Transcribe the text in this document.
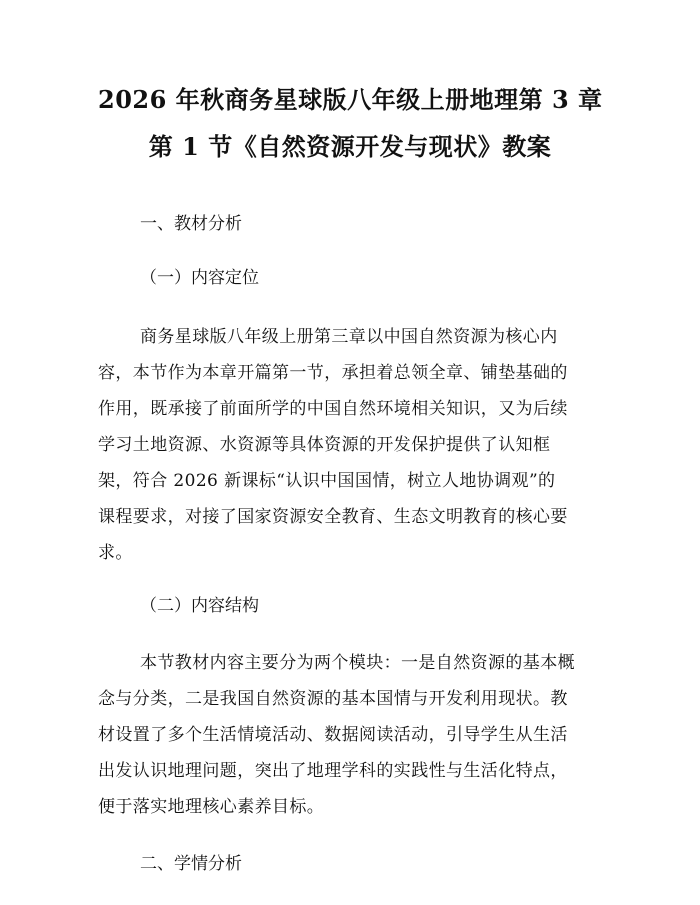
2026 年秋商务星球版八年级上册地理第 3 章
第 1 节《自然资源开发与现状》教案

一、教材分析

（一）内容定位

商务星球版八年级上册第三章以中国自然资源为核心内
容，本节作为本章开篇第一节，承担着总领全章、铺垫基础的
作用，既承接了前面所学的中国自然环境相关知识，又为后续
学习土地资源、水资源等具体资源的开发保护提供了认知框
架，符合 2026 新课标“认识中国国情，树立人地协调观”的
课程要求，对接了国家资源安全教育、生态文明教育的核心要
求。

（二）内容结构

本节教材内容主要分为两个模块：一是自然资源的基本概
念与分类，二是我国自然资源的基本国情与开发利用现状。教
材设置了多个生活情境活动、数据阅读活动，引导学生从生活
出发认识地理问题，突出了地理学科的实践性与生活化特点，
便于落实地理核心素养目标。

二、学情分析
